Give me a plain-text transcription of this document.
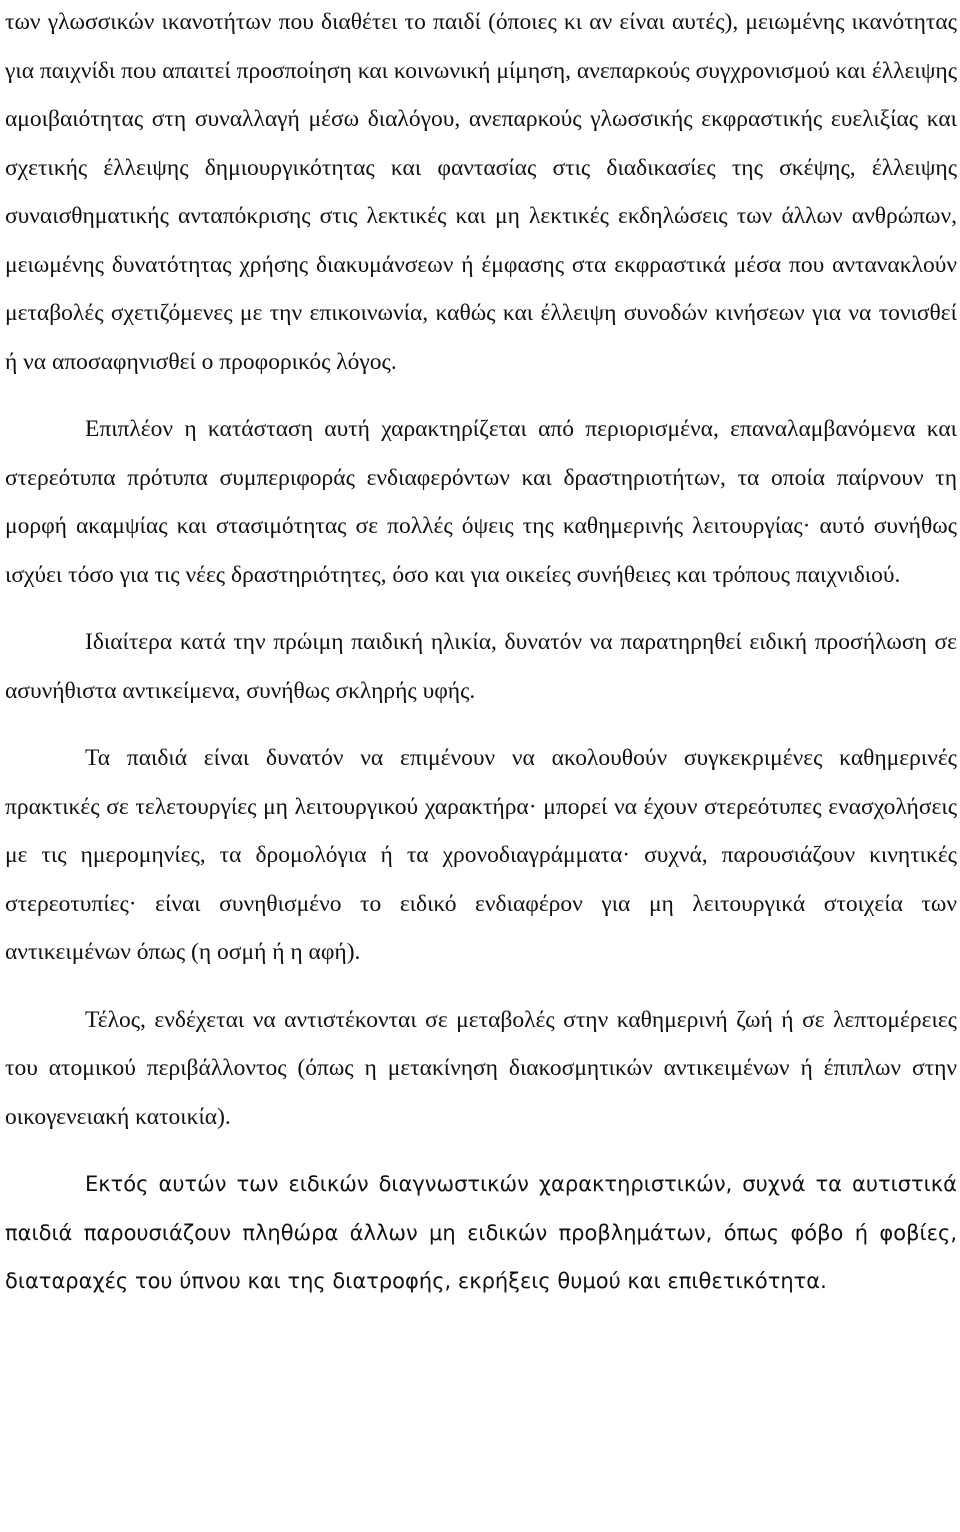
των γλωσσικών ικανοτήτων που διαθέτει το παιδί (όποιες κι αν είναι αυτές), μειωμένης ικανότητας για παιχνίδι που απαιτεί προσποίηση και κοινωνική μίμηση, ανεπαρκούς συγχρονισμού και έλλειψης αμοιβαιότητας στη συναλλαγή μέσω διαλόγου, ανεπαρκούς γλωσσικής εκφραστικής ευελιξίας και σχετικής έλλειψης δημιουργικότητας και φαντασίας στις διαδικασίες της σκέψης, έλλειψης συναισθηματικής ανταπόκρισης στις λεκτικές και μη λεκτικές εκδηλώσεις των άλλων ανθρώπων, μειωμένης δυνατότητας χρήσης διακυμάνσεων ή έμφασης στα εκφραστικά μέσα που αντανακλούν μεταβολές σχετιζόμενες με την επικοινωνία, καθώς και έλλειψη συνοδών κινήσεων για να τονισθεί ή να αποσαφηνισθεί ο προφορικός λόγος.

Επιπλέον η κατάσταση αυτή χαρακτηρίζεται από περιορισμένα, επαναλαμβανόμενα και στερεότυπα πρότυπα συμπεριφοράς ενδιαφερόντων και δραστηριοτήτων, τα οποία παίρνουν τη μορφή ακαμψίας και στασιμότητας σε πολλές όψεις της καθημερινής λειτουργίας· αυτό συνήθως ισχύει τόσο για τις νέες δραστηριότητες, όσο και για οικείες συνήθειες και τρόπους παιχνιδιού.

Ιδιαίτερα κατά την πρώιμη παιδική ηλικία, δυνατόν να παρατηρηθεί ειδική προσήλωση σε ασυνήθιστα αντικείμενα, συνήθως σκληρής υφής.

Τα παιδιά είναι δυνατόν να επιμένουν να ακολουθούν συγκεκριμένες καθημερινές πρακτικές σε τελετουργίες μη λειτουργικού χαρακτήρα· μπορεί να έχουν στερεότυπες ενασχολήσεις με τις ημερομηνίες, τα δρομολόγια ή τα χρονοδιαγράμματα· συχνά, παρουσιάζουν κινητικές στερεοτυπίες· είναι συνηθισμένο το ειδικό ενδιαφέρον για μη λειτουργικά στοιχεία των αντικειμένων όπως (η οσμή ή η αφή).

Τέλος, ενδέχεται να αντιστέκονται σε μεταβολές στην καθημερινή ζωή ή σε λεπτομέρειες του ατομικού περιβάλλοντος (όπως η μετακίνηση διακοσμητικών αντικειμένων ή έπιπλων στην οικογενειακή κατοικία).

Εκτός αυτών των ειδικών διαγνωστικών χαρακτηριστικών, συχνά τα αυτιστικά παιδιά παρουσιάζουν πληθώρα άλλων μη ειδικών προβλημάτων, όπως φόβο ή φοβίες, διαταραχές του ύπνου και της διατροφής, εκρήξεις θυμού και επιθετικότητα.
